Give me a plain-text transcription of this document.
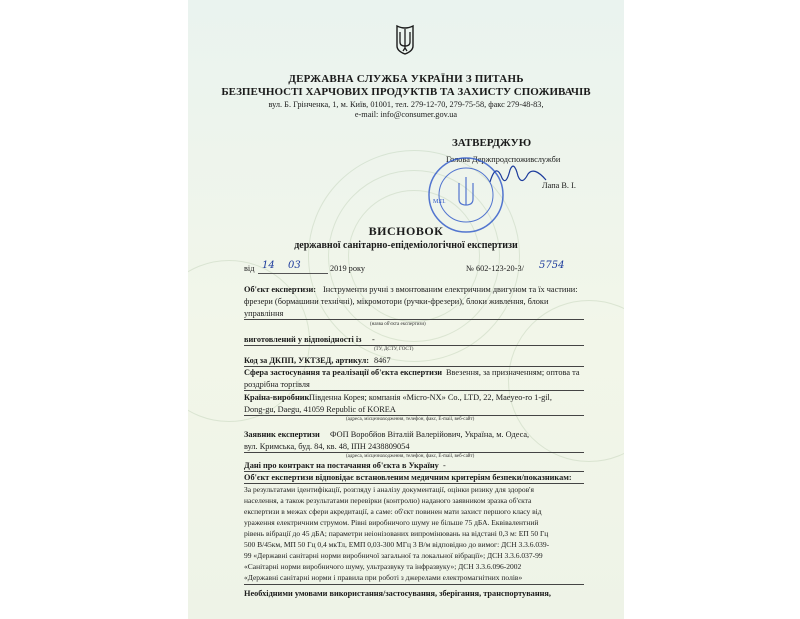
ДЕРЖАВНА СЛУЖБА УКРАЇНИ З ПИТАНЬ
БЕЗПЕЧНОСТІ ХАРЧОВИХ ПРОДУКТІВ ТА ЗАХИСТУ СПОЖИВАЧІВ
вул. Б. Грінченка, 1, м. Київ, 01001, тел. 279-12-70, 279-75-58, факс 279-48-83,
e-mail: info@consumer.gov.ua
ЗАТВЕРДЖУЮ
Голова Держпродспоживслужби
Лапа В. І.
М.П.
ВИСНОВОК
державної санітарно-епідеміологічної експертизи
від 14 03	2019 року	№ 602-123-20-3/ 5754
Об'єкт експертизи: Інструменти ручні з вмонтованим електричним двигуном та їх частини:
фрезери (бормашини технічні), мікромотори (ручки-фрезери), блоки живлення, блоки
управління
(назва об'єкта експертизи)
виготовлений у відповідності із -
(ТУ, ДСТУ, ГОСТ)
Код за ДКПП, УКТЗЕД, артикул: 8467
Сфера застосування та реалізації об'єкта експертизи Ввезення, за призначенням; оптова та
роздрібна торгівля
Країна-виробник Південна Корея; компанія «Micro-NX» Co., LTD, 22, Maeyeo-ro 1-gil,
Dong-gu, Daegu, 41059 Republic of KOREA
(адреса, місцезнаходження, телефон, факс, E-mail, веб-сайт)
Заявник експертизи ФОП Воробйов Віталій Валерійович, Україна, м. Одеса,
вул. Кримська, буд. 84, кв. 48, ІПН 2438809054
(адреса, місцезнаходження, телефон, факс, E-mail, веб-сайт)
Дані про контракт на постачання об'єкта в Україну -
Об'єкт експертизи відповідає встановленим медичним критеріям безпеки/показникам:
За результатами ідентифікації, розгляду і аналізу документації, оцінки ризику для здоров'я
населення, а також результатами перевірки (контролю) наданого заявником зразка об'єкта
експертизи в межах сфери акредитації, а саме: об'єкт повинен мати захист першого класу від
ураження електричним струмом. Рівні виробничого шуму не більше 75 дБА. Еквівалентний
рівень вібрації до 45 дБА; параметри неіонізованих випромінювань на відстані 0,3 м: ЕП 50 Гц
500 В/45км, МП 50 Гц 0,4 мкТл, ЕМП 0,03-300 МГц 3 В/м відповідно до вимог: ДСН 3.3.6.039-
99 «Державні санітарні норми виробничої загальної та локальної вібрації»; ДСН 3.3.6.037-99
«Санітарні норми виробничого шуму, ультразвуку та інфразвуку»; ДСН 3.3.6.096-2002
«Державні санітарні норми і правила при роботі з джерелами електромагнітних полів»
Необхідними умовами використання/застосування, зберігання, транспортування,
